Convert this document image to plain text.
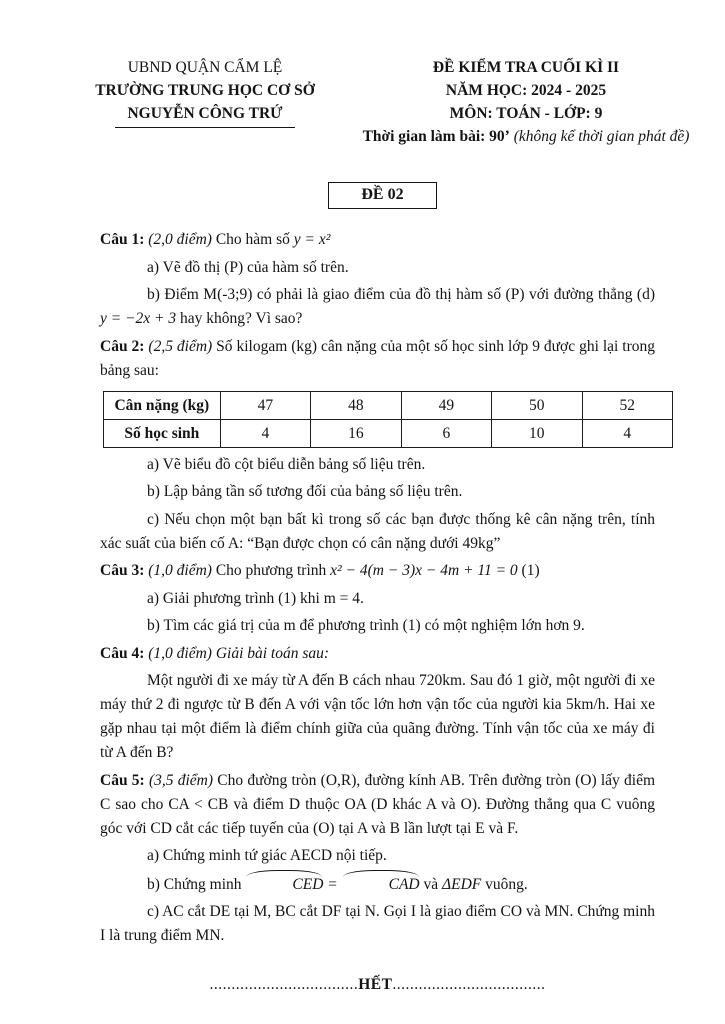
UBND QUẬN CẨM LỆ
TRƯỜNG TRUNG HỌC CƠ SỞ
NGUYỄN CÔNG TRỨ
ĐỀ KIỂM TRA CUỐI KÌ II
NĂM HỌC: 2024 - 2025
MÔN: TOÁN - LỚP: 9
Thời gian làm bài: 90’ (không kể thời gian phát đề)
ĐỀ 02

Câu 1: (2,0 điểm) Cho hàm số y = x²

a) Vẽ đồ thị (P) của hàm số trên.

b) Điểm M(-3;9) có phải là giao điểm của đồ thị hàm số (P) với đường thẳng (d) y = −2x + 3 hay không? Vì sao?

Câu 2: (2,5 điểm) Số kilogam (kg) cân nặng của một số học sinh lớp 9 được ghi lại trong bảng sau:

Cân nặng (kg)	47	48	49	50	52
Số học sinh	4	16	6	10	4

a) Vẽ biểu đồ cột biểu diễn bảng số liệu trên.

b) Lập bảng tần số tương đối của bảng số liệu trên.

c) Nếu chọn một bạn bất kì trong số các bạn được thống kê cân nặng trên, tính xác suất của biến cố A: “Bạn được chọn có cân nặng dưới 49kg”

Câu 3: (1,0 điểm) Cho phương trình x² − 4(m − 3)x − 4m + 11 = 0 (1)

a) Giải phương trình (1) khi m = 4.

b) Tìm các giá trị của m để phương trình (1) có một nghiệm lớn hơn 9.

Câu 4: (1,0 điểm) Giải bài toán sau:

Một người đi xe máy từ A đến B cách nhau 720km. Sau đó 1 giờ, một người đi xe máy thứ 2 đi ngược từ B đến A với vận tốc lớn hơn vận tốc của người kia 5km/h. Hai xe gặp nhau tại một điểm là điểm chính giữa của quãng đường. Tính vận tốc của xe máy đi từ A đến B?

Câu 5: (3,5 điểm) Cho đường tròn (O,R), đường kính AB. Trên đường tròn (O) lấy điểm C sao cho CA < CB và điểm D thuộc OA (D khác A và O). Đường thẳng qua C vuông góc với CD cắt các tiếp tuyến của (O) tại A và B lần lượt tại E và F.

a) Chứng minh tứ giác AECD nội tiếp.

b) Chứng minh	CED =	CAD và ΔEDF vuông.

c) AC cắt DE tại M, BC cắt DF tại N. Gọi I là giao điểm CO và MN. Chứng minh I là trung điểm MN.

..................................HẾT...................................
